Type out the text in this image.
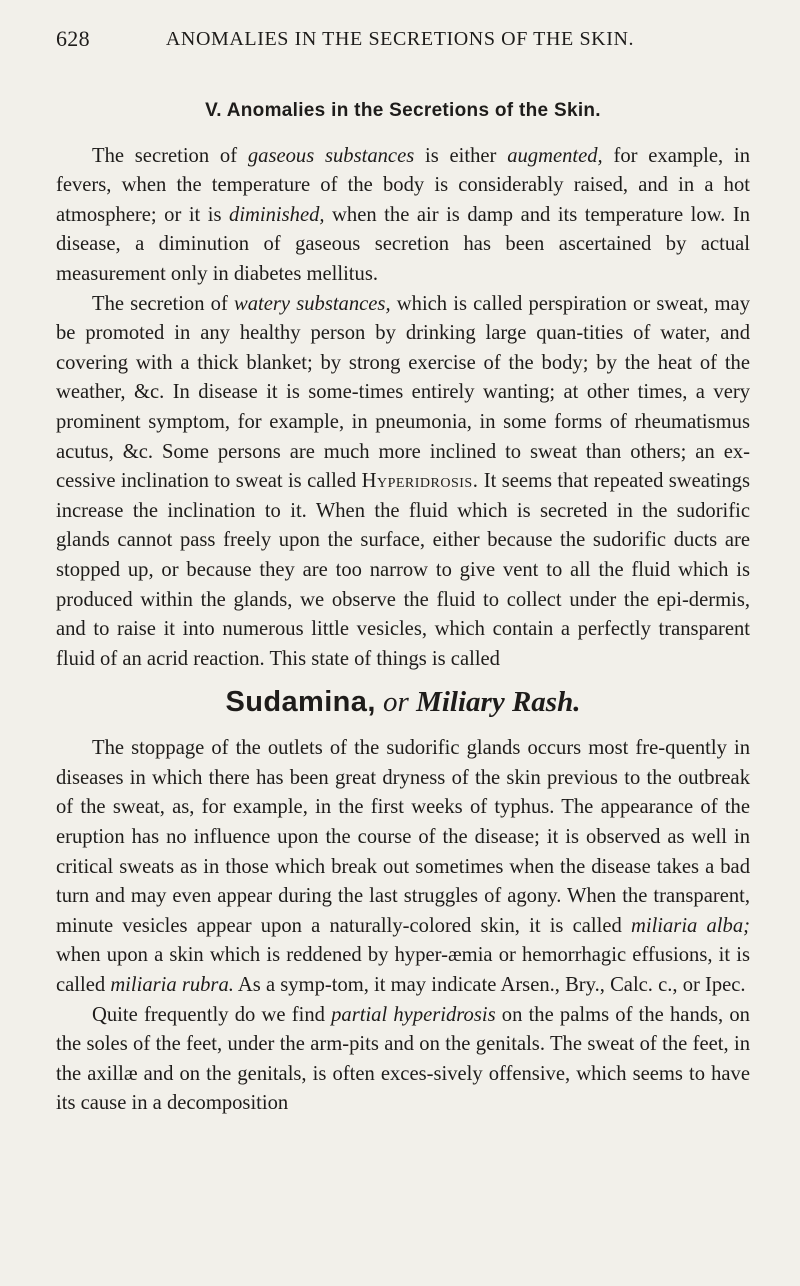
628	ANOMALIES IN THE SECRETIONS OF THE SKIN.
V. Anomalies in the Secretions of the Skin.

The secretion of gaseous substances is either augmented, for example, in fevers, when the temperature of the body is considerably raised, and in a hot atmosphere; or it is diminished, when the air is damp and its temperature low. In disease, a diminution of gaseous secretion has been ascertained by actual measurement only in diabetes mellitus.

The secretion of watery substances, which is called perspiration or sweat, may be promoted in any healthy person by drinking large quan-tities of water, and covering with a thick blanket; by strong exercise of the body; by the heat of the weather, &c. In disease it is some-times entirely wanting; at other times, a very prominent symptom, for example, in pneumonia, in some forms of rheumatismus acutus, &c. Some persons are much more inclined to sweat than others; an ex-cessive inclination to sweat is called Hyperidrosis. It seems that repeated sweatings increase the inclination to it. When the fluid which is secreted in the sudorific glands cannot pass freely upon the surface, either because the sudorific ducts are stopped up, or because they are too narrow to give vent to all the fluid which is produced within the glands, we observe the fluid to collect under the epi-dermis, and to raise it into numerous little vesicles, which contain a perfectly transparent fluid of an acrid reaction. This state of things is called

Sudamina, or Miliary Rash.

The stoppage of the outlets of the sudorific glands occurs most fre-quently in diseases in which there has been great dryness of the skin previous to the outbreak of the sweat, as, for example, in the first weeks of typhus. The appearance of the eruption has no influence upon the course of the disease; it is observed as well in critical sweats as in those which break out sometimes when the disease takes a bad turn and may even appear during the last struggles of agony. When the transparent, minute vesicles appear upon a naturally-colored skin, it is called miliaria alba; when upon a skin which is reddened by hyper-æmia or hemorrhagic effusions, it is called miliaria rubra. As a symp-tom, it may indicate Arsen., Bry., Calc. c., or Ipec.

Quite frequently do we find partial hyperidrosis on the palms of the hands, on the soles of the feet, under the arm-pits and on the genitals. The sweat of the feet, in the axillæ and on the genitals, is often exces-sively offensive, which seems to have its cause in a decomposition
